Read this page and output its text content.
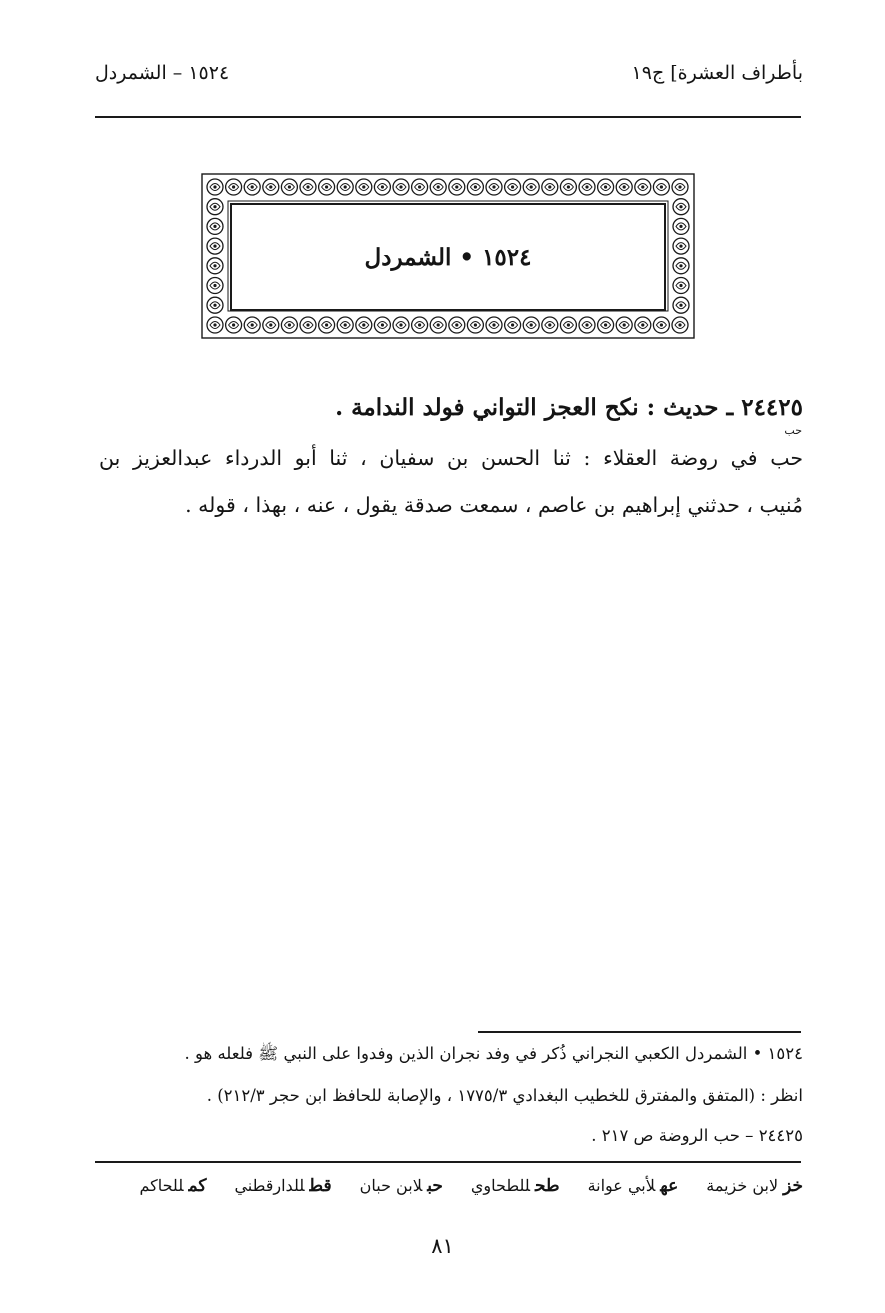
بأطراف العشرة] ج١٩
١٥٢٤ – الشمردل
١٥٢٤ • الشمردل
٢٤٤٢٥ ـ حديث : نكح العجز التواني فولد الندامة .
حب
حب في روضة العقلاء : ثنا الحسن بن سفيان ، ثنا أبو الدرداء عبدالعزيز بن
مُنيب ، حدثني إبراهيم بن عاصم ، سمعت صدقة يقول ، عنه ، بهذا ، قوله .
١٥٢٤ • الشمردل الكعبي النجراني ذُكر في وفد نجران الذين وفدوا على النبي ﷺ فلعله هو .
انظر : (المتفق والمفترق للخطيب البغدادي ١٧٧٥/٣ ، والإصابة للحافظ ابن حجر ٢١٢/٣) .
٢٤٤٢٥ – حب الروضة ص ٢١٧ .
خزلابن خزيمة
عهلأبي عوانة
طحللطحاوي
حبلابن حبان
قطللدارقطني
كمللحاكم
٨١
